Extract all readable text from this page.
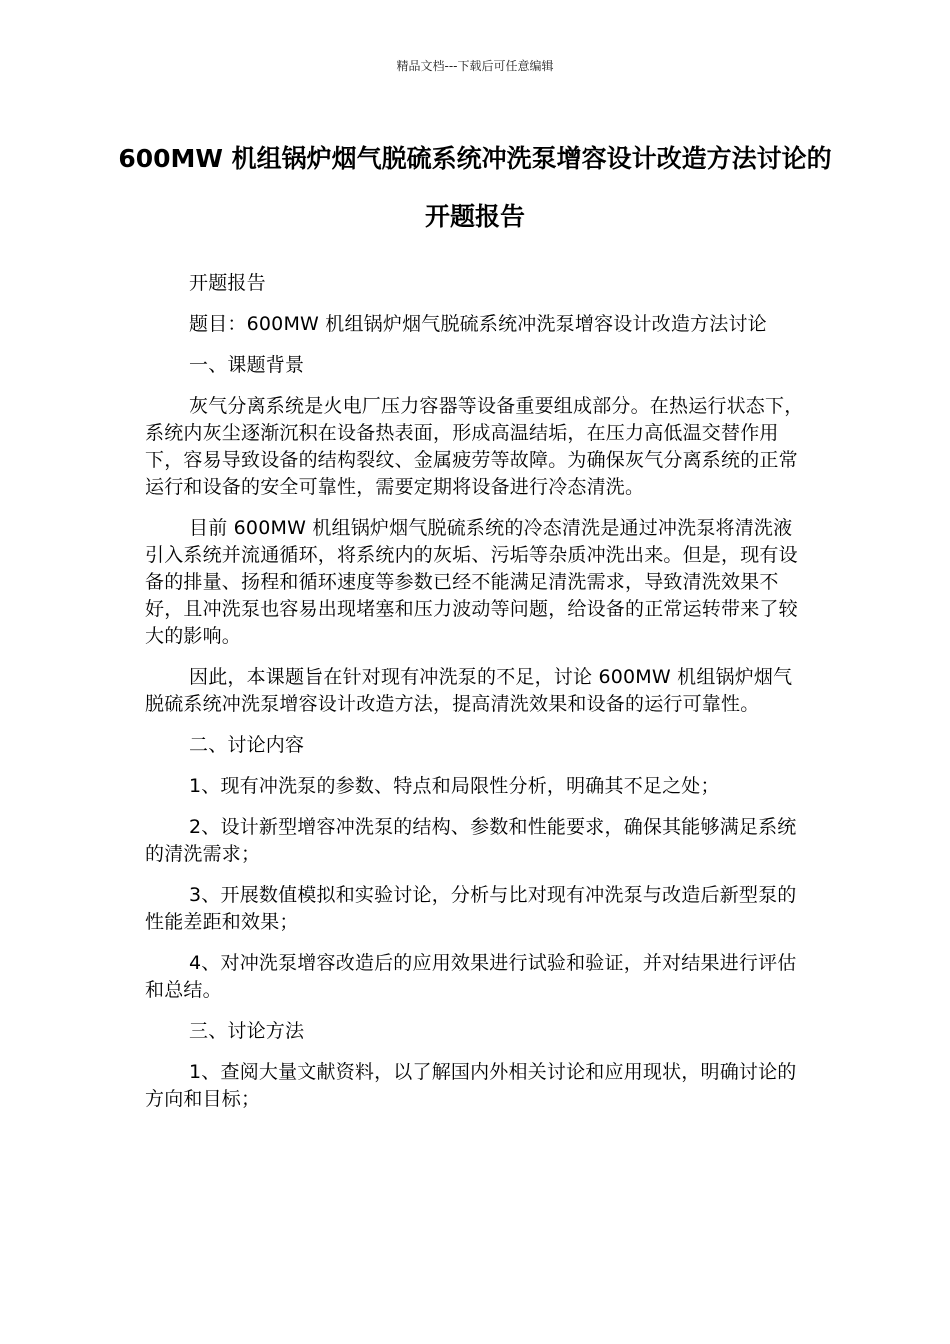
精品文档---下载后可任意编辑
600MW 机组锅炉烟气脱硫系统冲洗泵增容设计改造方法讨论的开题报告

开题报告

题目：600MW 机组锅炉烟气脱硫系统冲洗泵增容设计改造方法讨论

一、课题背景

灰气分离系统是火电厂压力容器等设备重要组成部分。在热运行状态下，系统内灰尘逐渐沉积在设备热表面，形成高温结垢，在压力高低温交替作用下，容易导致设备的结构裂纹、金属疲劳等故障。为确保灰气分离系统的正常运行和设备的安全可靠性，需要定期将设备进行冷态清洗。

目前 600MW 机组锅炉烟气脱硫系统的冷态清洗是通过冲洗泵将清洗液引入系统并流通循环，将系统内的灰垢、污垢等杂质冲洗出来。但是，现有设备的排量、扬程和循环速度等参数已经不能满足清洗需求，导致清洗效果不好，且冲洗泵也容易出现堵塞和压力波动等问题，给设备的正常运转带来了较大的影响。

因此，本课题旨在针对现有冲洗泵的不足，讨论 600MW 机组锅炉烟气脱硫系统冲洗泵增容设计改造方法，提高清洗效果和设备的运行可靠性。

二、讨论内容

1、现有冲洗泵的参数、特点和局限性分析，明确其不足之处；

2、设计新型增容冲洗泵的结构、参数和性能要求，确保其能够满足系统的清洗需求；

3、开展数值模拟和实验讨论，分析与比对现有冲洗泵与改造后新型泵的性能差距和效果；

4、对冲洗泵增容改造后的应用效果进行试验和验证，并对结果进行评估和总结。

三、讨论方法

1、查阅大量文献资料，以了解国内外相关讨论和应用现状，明确讨论的方向和目标；
